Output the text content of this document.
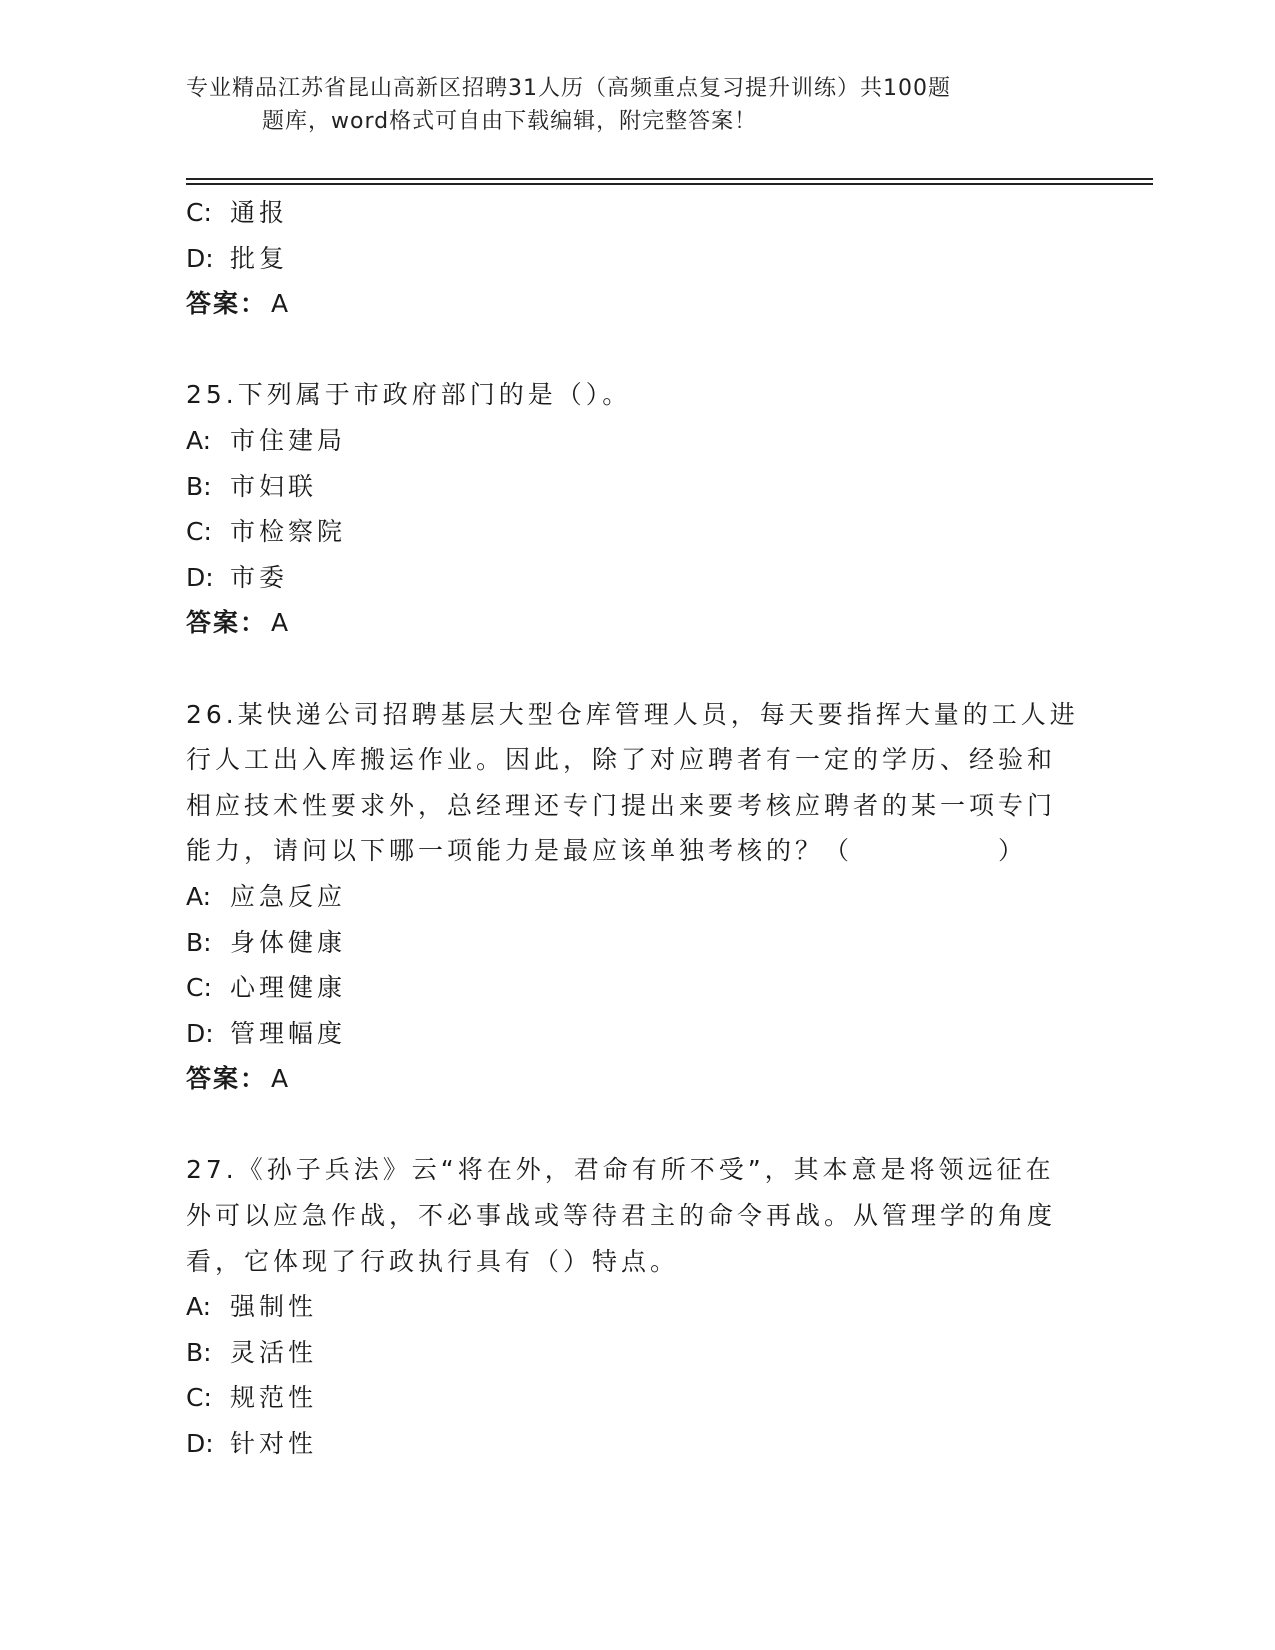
专业精品江苏省昆山高新区招聘31人历（高频重点复习提升训练）共100题
题库，word格式可自由下载编辑，附完整答案！
C: 通报
D: 批复
答案： A
25.下列属于市政府部门的是（）。
A: 市住建局
B: 市妇联
C: 市检察院
D: 市委
答案： A
26.某快递公司招聘基层大型仓库管理人员，每天要指挥大量的工人进
行人工出入库搬运作业。因此，除了对应聘者有一定的学历、经验和
相应技术性要求外，总经理还专门提出来要考核应聘者的某一项专门
能力，请问以下哪一项能力是最应该单独考核的？（　　　　　）
A: 应急反应
B: 身体健康
C: 心理健康
D: 管理幅度
答案： A
27.《孙子兵法》云“将在外，君命有所不受”，其本意是将领远征在
外可以应急作战，不必事战或等待君主的命令再战。从管理学的角度
看，它体现了行政执行具有（）特点。
A: 强制性
B: 灵活性
C: 规范性
D: 针对性
